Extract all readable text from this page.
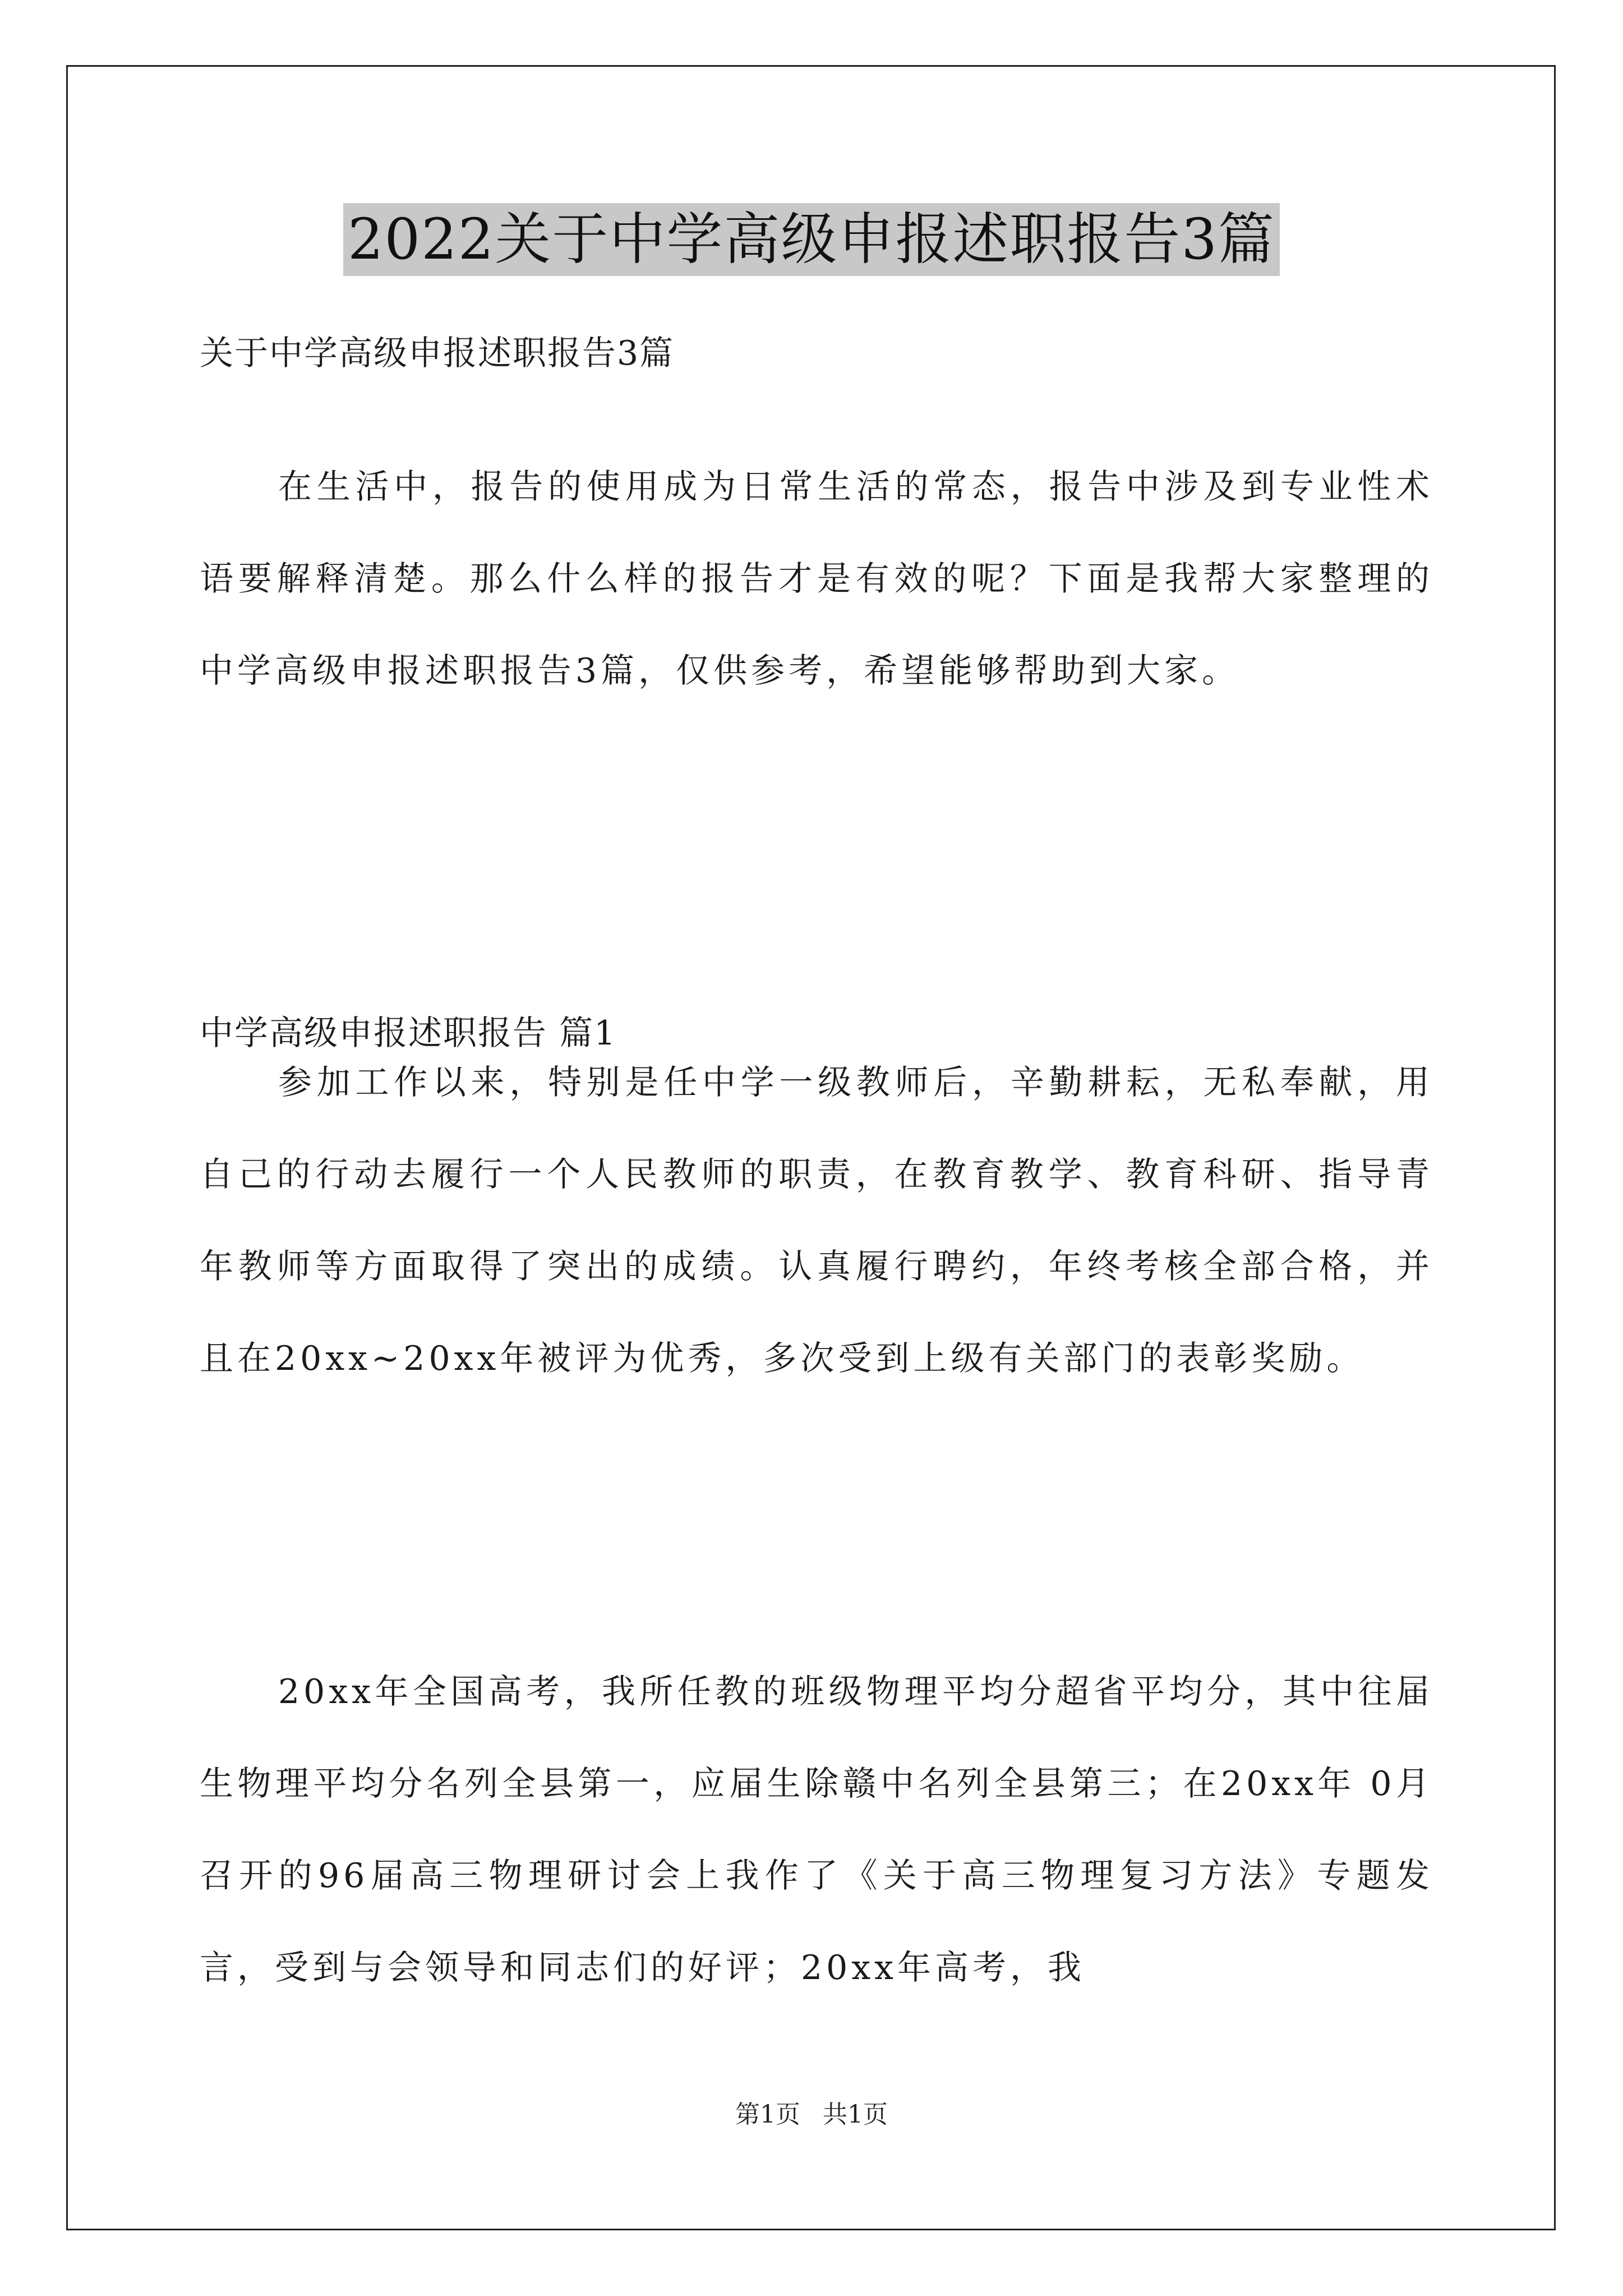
2022关于中学高级申报述职报告3篇
关于中学高级申报述职报告3篇
在生活中，报告的使用成为日常生活的常态，报告中涉及到专业性术语要解释清楚。那么什么样的报告才是有效的呢？下面是我帮大家整理的中学高级申报述职报告3篇，仅供参考，希望能够帮助到大家。
中学高级申报述职报告 篇1
参加工作以来，特别是任中学一级教师后，辛勤耕耘，无私奉献，用自己的行动去履行一个人民教师的职责，在教育教学、教育科研、指导青年教师等方面取得了突出的成绩。认真履行聘约，年终考核全部合格，并且在20xx~20xx年被评为优秀，多次受到上级有关部门的表彰奖励。
20xx年全国高考，我所任教的班级物理平均分超省平均分，其中往届生物理平均分名列全县第一，应届生除赣中名列全县第三；在20xx年 0月召开的96届高三物理研讨会上我作了《关于高三物理复习方法》专题发言，受到与会领导和同志们的好评；20xx年高考，我
第1页 共1页
